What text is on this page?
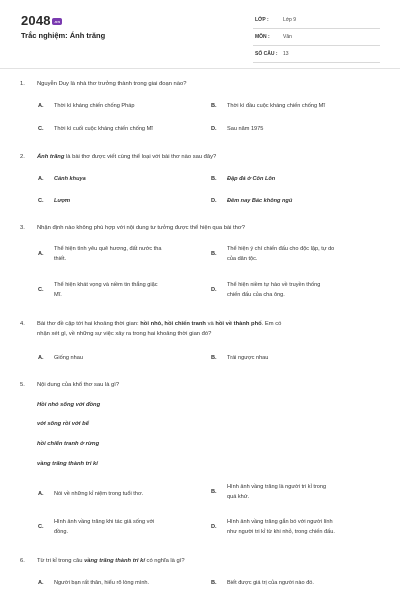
2048 .vn
Trắc nghiệm: Ánh trăng
LỚP :	Lớp 9
MÔN :	Văn
SỐ CÂU : 13
1.	Nguyễn Duy là nhà thơ trưởng thành trong giai đoạn nào?
A. Thời kì kháng chiến chống Pháp	B. Thời kì đầu cuộc kháng chiến chống Mĩ
C. Thời kì cuối cuộc kháng chiến chống Mĩ	D. Sau năm 1975
2.	Ánh trăng là bài thơ được viết cùng thể loại với bài thơ nào sau đây?
A. Cảnh khuya	B. Đập đá ở Côn Lôn
C. Lượm	D. Đêm nay Bác không ngủ
3.	Nhận định nào không phù hợp với nội dung tư tưởng được thể hiện qua bài thơ?
A.
Thể hiện tình yêu quê hương, đất nước tha
thiết.
B.
Thể hiện ý chí chiến đấu cho độc lập, tự do
của dân tộc.
C.
Thể hiện khát vọng và niềm tin thắng giặc
Mĩ.
D.
Thể hiện niềm tự hào về truyền thống
chiến đấu của cha ông.
4.	Bài thơ đề cập tới hai khoảng thời gian: hồi nhỏ, hồi chiến tranh và hồi về thành phố. Em có
nhận xét gì, về những sự việc xảy ra trong hai khoảng thời gian đó?
A. Giống nhau	B. Trái ngược nhau
5.	Nội dung của khổ thơ sau là gì?
Hồi nhỏ sống với đồng
với sông rồi với bể
hồi chiến tranh ở rừng
vầng trăng thành tri kỉ
A. Nói về những kỉ niệm trong tuổi thơ.	B.
Hình ảnh vầng trăng là người tri kỉ trong
quá khứ.
C.
Hình ảnh vầng trăng khi tác giả sống với
đồng.
D.
Hình ảnh vầng trăng gắn bó với người lính
như người tri kỉ từ khi nhỏ, trong chiến đấu.
6.	Từ tri kỉ trong câu vầng trăng thành tri kỉ có nghĩa là gì?
A. Người bạn rất thân, hiểu rõ lòng mình.	B. Biết được giá trị của người nào đó.
